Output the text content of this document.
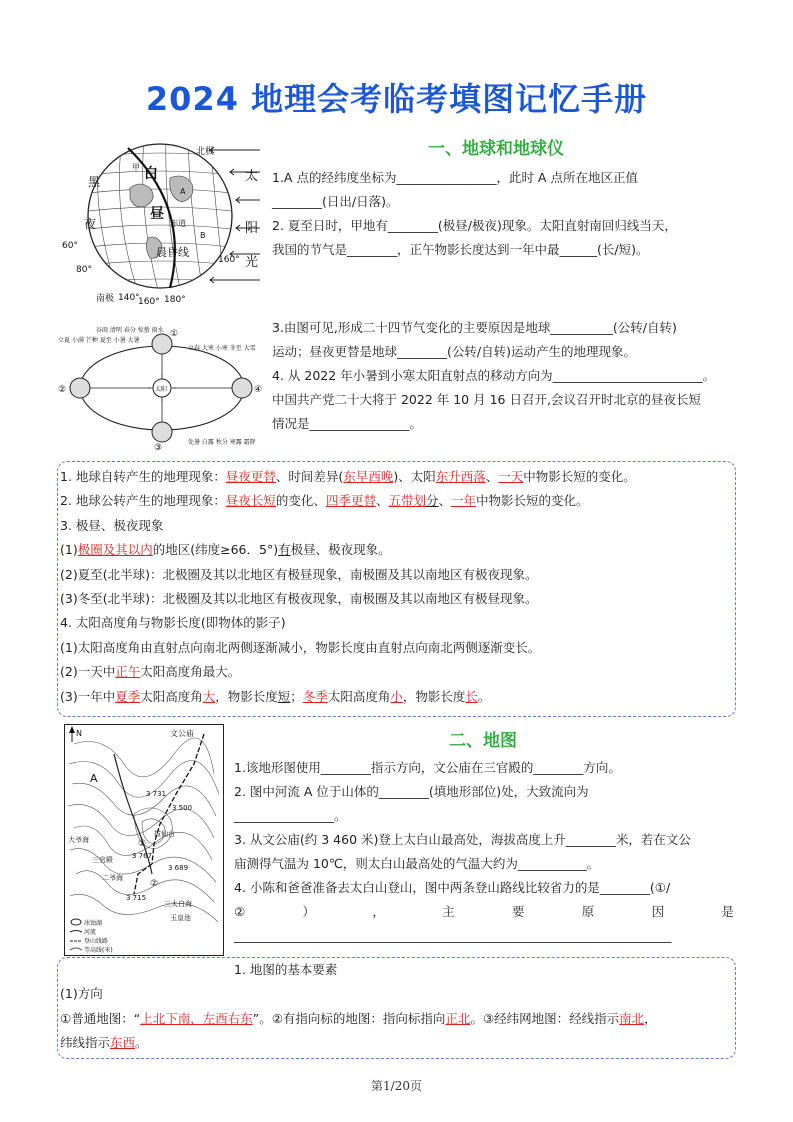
2024 地理会考临考填图记忆手册
一、地球和地球仪
北极
南极
太
阳
光
60°
80°
160°
140°
160° 180°
白
昼
黑
夜
晨昏线
A
B
甲
赤道

1.A 点的经纬度坐标为________________，此时 A 点所在地区正值

________(日出/日落)。

2. 夏至日时，甲地有________(极昼/极夜)现象。太阳直射南回归线当天，

我国的节气是________，正午物影长度达到一年中最______(长/短)。

太阳
①
②
③
④
谷雨 清明 春分 惊蛰 雨水
处暑 白露 秋分 寒露 霜降
立夏 小满 芒种 夏至 小暑 大暑
立春 大寒 小寒 冬至 大雪

3.由图可见,形成二十四节气变化的主要原因是地球__________(公转/自转)

运动；昼夜更替是地球________(公转/自转)运动产生的地理现象。

4. 从 2022 年小暑到小寒太阳直射点的移动方向为________________________。

中国共产党二十大将于 2022 年 10 月 16 日召开,会议召开时北京的昼夜长短

情况是________________。

1. 地球自转产生的地理现象：昼夜更替、时间差异(东早西晚)、太阳东升西落、一天中物影长短的变化。

2. 地球公转产生的地理现象：昼夜长短的变化、四季更替、五带划分、一年中物影长短的变化。

3. 极昼、极夜现象

(1)极圈及其以内的地区(纬度≥66．5°)有极昼、极夜现象。

(2)夏至(北半球)：北极圈及其以北地区有极昼现象，南极圈及其以南地区有极夜现象。

(3)冬至(北半球)：北极圈及其以北地区有极夜现象，南极圈及其以南地区有极昼现象。

4. 太阳高度角与物影长度(即物体的影子)

(1)太阳高度角由直射点向南北两侧逐渐减小，物影长度由直射点向南北两侧逐渐变长。

(2)一天中正午太阳高度角最大。

(3)一年中夏季太阳高度角大，物影长度短；冬季太阳高度角小，物影长度长。

二、地图
N	文公庙
A
3 731
3 500
大爷海
拔仙台
三官殿	3 767
3 689
二爷海
3 715
三太白海
玉皇池
①
②
冰蚀湖
河流
登山线路
等高线(米)

1.该地形图使用________指示方向，文公庙在三官殿的________方向。

2. 图中河流 A 位于山体的________(填地形部位)处，大致流向为

________________。

3. 从文公庙(约 3 460 米)登上太白山最高处，海拔高度上升________米，若在文公

庙测得气温为 10℃，则太白山最高处的气温大约为___________。

4. 小陈和爸爸准备去太白山登山，图中两条登山路线比较省力的是________(①/

②	）	，	主	要	原	因	是

______________________________________________________________________

1. 地图的基本要素

(1)方向

①普通地图：“上北下南，左西右东”。②有指向标的地图：指向标指向正北。③经纬网地图：经线指示南北，

纬线指示东西。

第1/20页
